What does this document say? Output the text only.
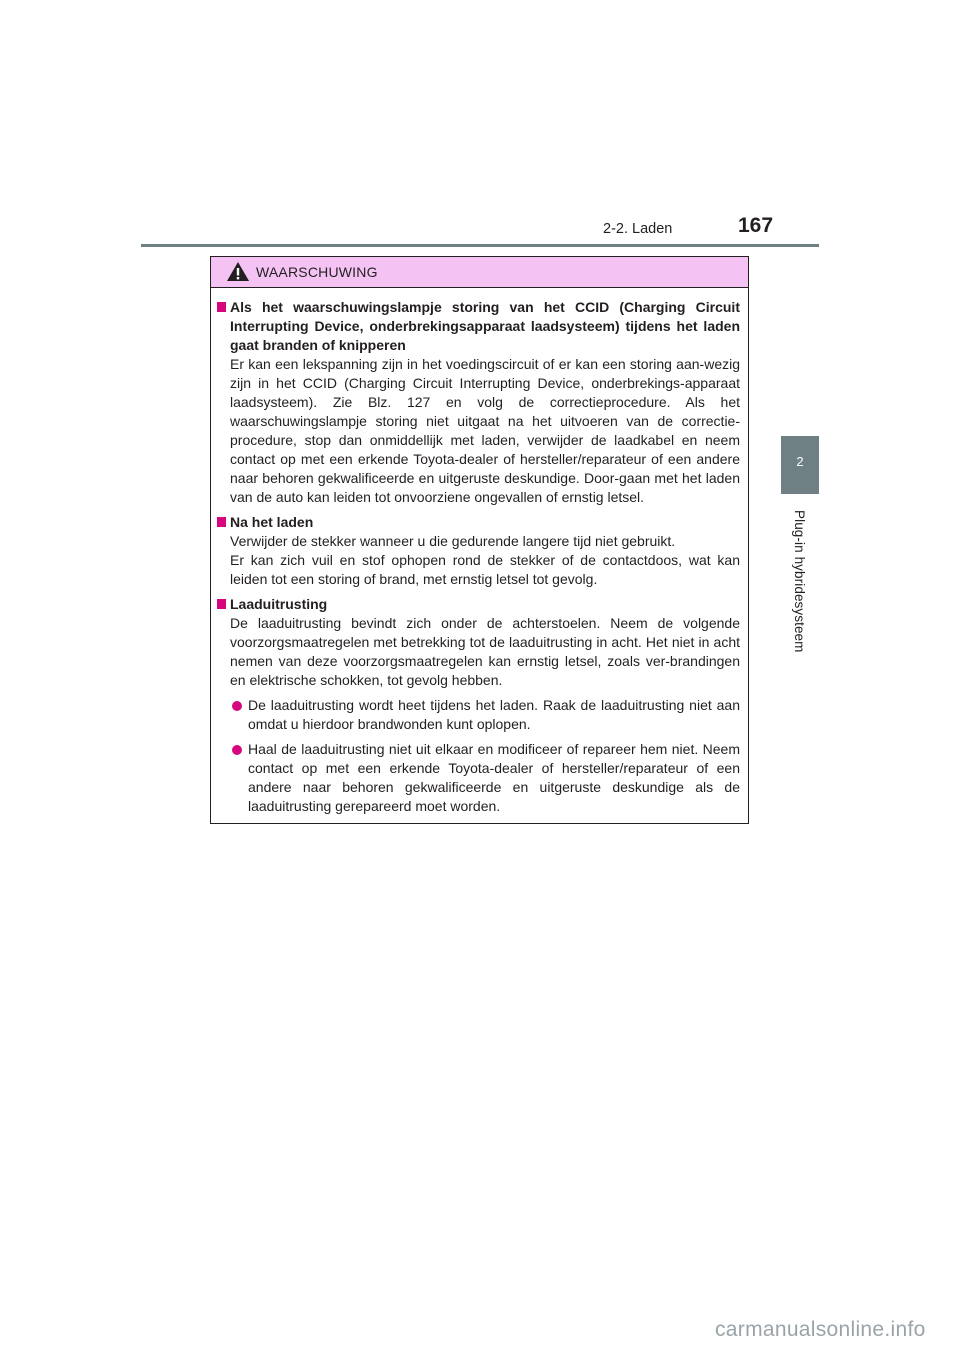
2-2. Laden	167
2
Plug-in hybridesysteem
WAARSCHUWING
Als het waarschuwingslampje storing van het CCID (Charging Circuit Interrupting Device, onderbrekingsapparaat laadsysteem) tijdens het laden gaat branden of knipperen
Er kan een lekspanning zijn in het voedingscircuit of er kan een storing aan-wezig zijn in het CCID (Charging Circuit Interrupting Device, onderbrekings-apparaat laadsysteem). Zie Blz. 127 en volg de correctieprocedure. Als het waarschuwingslampje storing niet uitgaat na het uitvoeren van de correctie-procedure, stop dan onmiddellijk met laden, verwijder de laadkabel en neem contact op met een erkende Toyota-dealer of hersteller/reparateur of een andere naar behoren gekwalificeerde en uitgeruste deskundige. Door-gaan met het laden van de auto kan leiden tot onvoorziene ongevallen of ernstig letsel.
Na het laden
Verwijder de stekker wanneer u die gedurende langere tijd niet gebruikt.
Er kan zich vuil en stof ophopen rond de stekker of de contactdoos, wat kan leiden tot een storing of brand, met ernstig letsel tot gevolg.
Laaduitrusting
De laaduitrusting bevindt zich onder de achterstoelen. Neem de volgende voorzorgsmaatregelen met betrekking tot de laaduitrusting in acht. Het niet in acht nemen van deze voorzorgsmaatregelen kan ernstig letsel, zoals ver-brandingen en elektrische schokken, tot gevolg hebben.
De laaduitrusting wordt heet tijdens het laden. Raak de laaduitrusting niet aan omdat u hierdoor brandwonden kunt oplopen.
Haal de laaduitrusting niet uit elkaar en modificeer of repareer hem niet. Neem contact op met een erkende Toyota-dealer of hersteller/reparateur of een andere naar behoren gekwalificeerde en uitgeruste deskundige als de laaduitrusting gerepareerd moet worden.
carmanualsonline.info
